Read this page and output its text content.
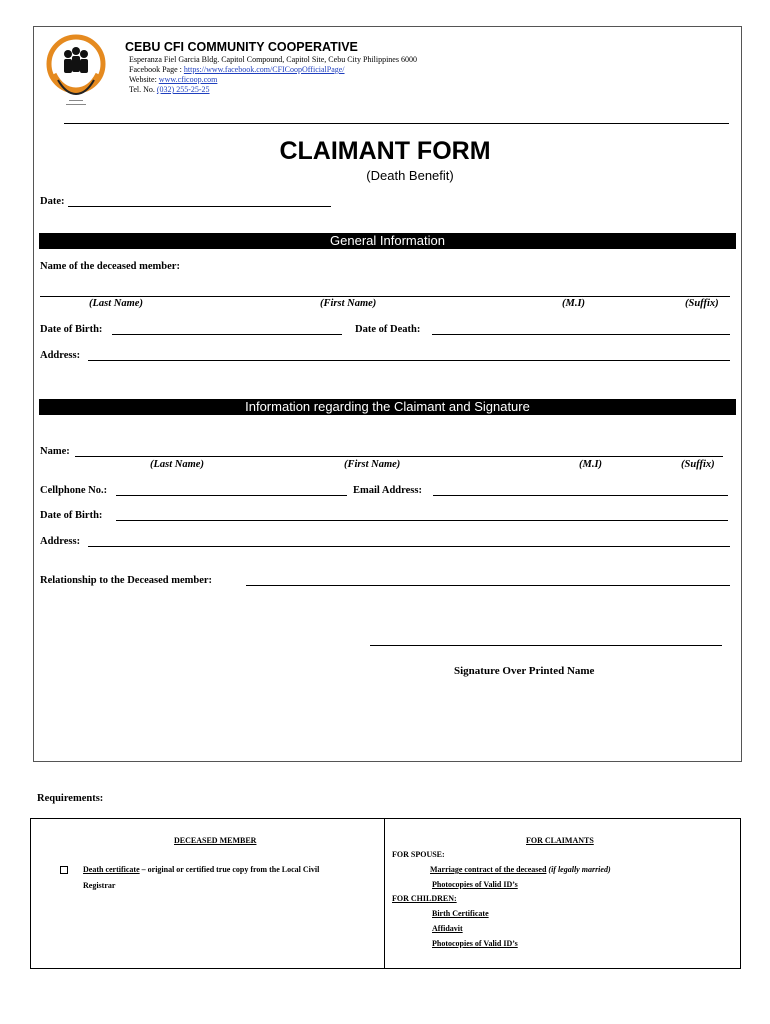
CEBU CFI COMMUNITY COOPERATIVE
Esperanza Fiel Garcia Bldg. Capitol Compound, Capitol Site, Cebu City Philippines 6000
Facebook Page : https://www.facebook.com/CFICoopOfficialPage/
Website: www.cficoop.com
Tel. No. (032) 255-25-25
CLAIMANT FORM
(Death Benefit)
Date:
General Information
Name of the deceased member:
(Last Name)	(First Name)	(M.I)	(Suffix)
Date of Birth:	Date of Death:
Address:
Information regarding the Claimant and Signature
Name:
(Last Name)	(First Name)	(M.I)	(Suffix)
Cellphone No.:	Email Address:
Date of Birth:
Address:
Relationship to the Deceased member:
Signature Over Printed Name
Requirements:
DECEASED MEMBER
Death certificate – original or certified true copy from the Local Civil
Registrar
FOR CLAIMANTS
FOR SPOUSE:
Marriage contract of the deceased (if legally married)
Photocopies of Valid ID’s
FOR CHILDREN:
Birth Certificate
Affidavit
Photocopies of Valid ID’s
